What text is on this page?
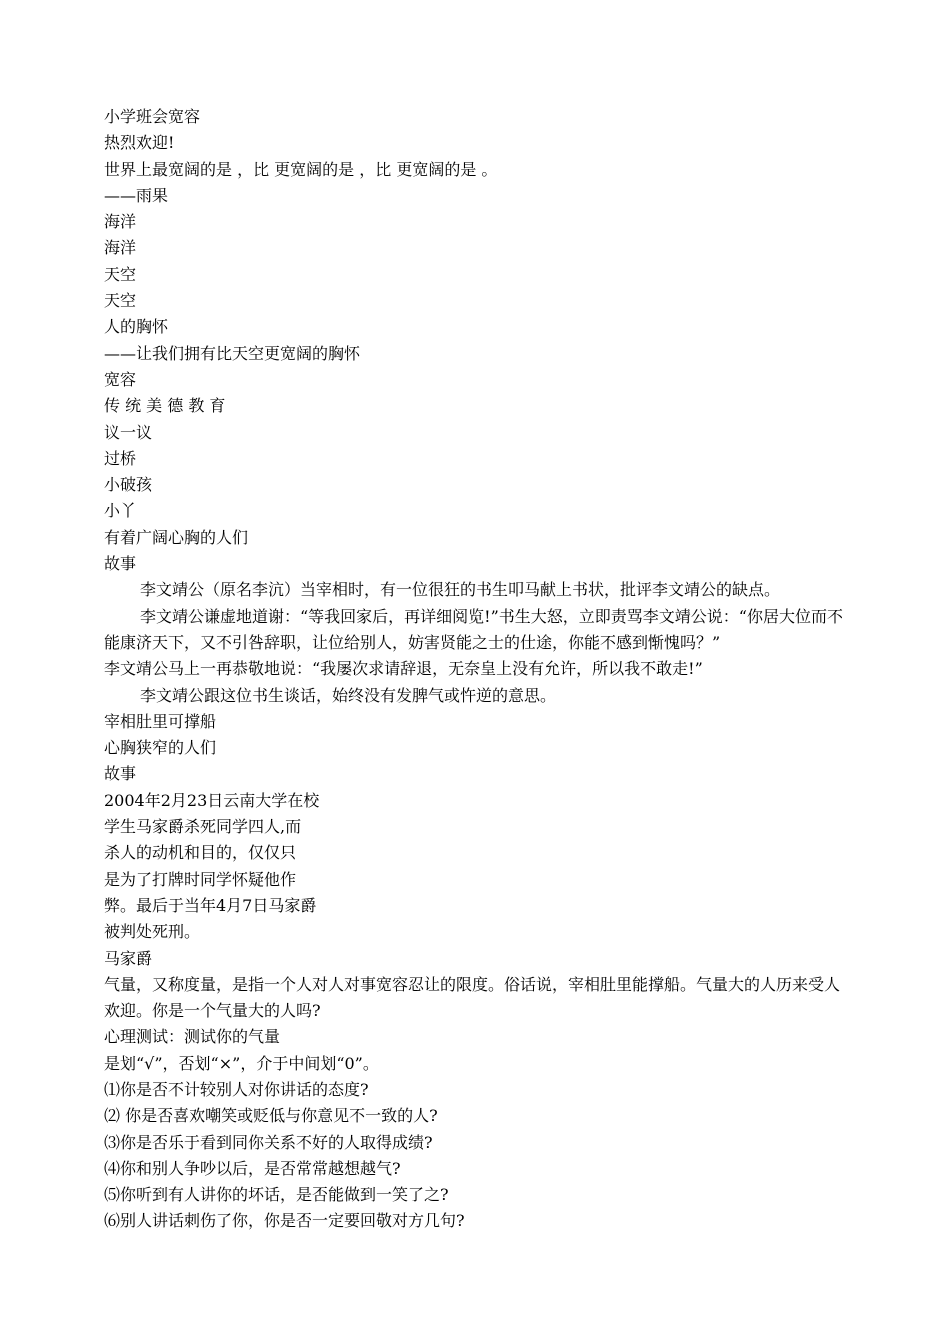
小学班会宽容
热烈欢迎!
世界上最宽阔的是 ，比 更宽阔的是 ，比 更宽阔的是 。
——雨果
海洋
海洋
天空
天空
人的胸怀
——让我们拥有比天空更宽阔的胸怀
宽容
传 统 美 德 教 育
议一议
过桥
小破孩
小丫
有着广阔心胸的人们
故事
李文靖公（原名李沆）当宰相时，有一位很狂的书生叩马献上书状，批评李文靖公的缺点。
李文靖公谦虚地道谢：“等我回家后，再详细阅览!”书生大怒，立即责骂李文靖公说：“你居大位而不能康济天下，又不引咎辞职，让位给别人，妨害贤能之士的仕途，你能不感到惭愧吗？”
李文靖公马上一再恭敬地说：“我屡次求请辞退，无奈皇上没有允许，所以我不敢走!”
李文靖公跟这位书生谈话，始终没有发脾气或忤逆的意思。
宰相肚里可撑船
心胸狭窄的人们
故事
2004年2月23日云南大学在校
学生马家爵杀死同学四人,而
杀人的动机和目的，仅仅只
是为了打牌时同学怀疑他作
弊。最后于当年4月7日马家爵
被判处死刑。
马家爵
气量，又称度量，是指一个人对人对事宽容忍让的限度。俗话说，宰相肚里能撑船。气量大的人历来受人欢迎。你是一个气量大的人吗?
心理测试：测试你的气量
是划“√”，否划“×”，介于中间划“0”。
⑴你是否不计较别人对你讲话的态度?
⑵ 你是否喜欢嘲笑或贬低与你意见不一致的人?
⑶你是否乐于看到同你关系不好的人取得成绩?
⑷你和别人争吵以后，是否常常越想越气?
⑸你听到有人讲你的坏话，是否能做到一笑了之?
⑹别人讲话刺伤了你，你是否一定要回敬对方几句?
